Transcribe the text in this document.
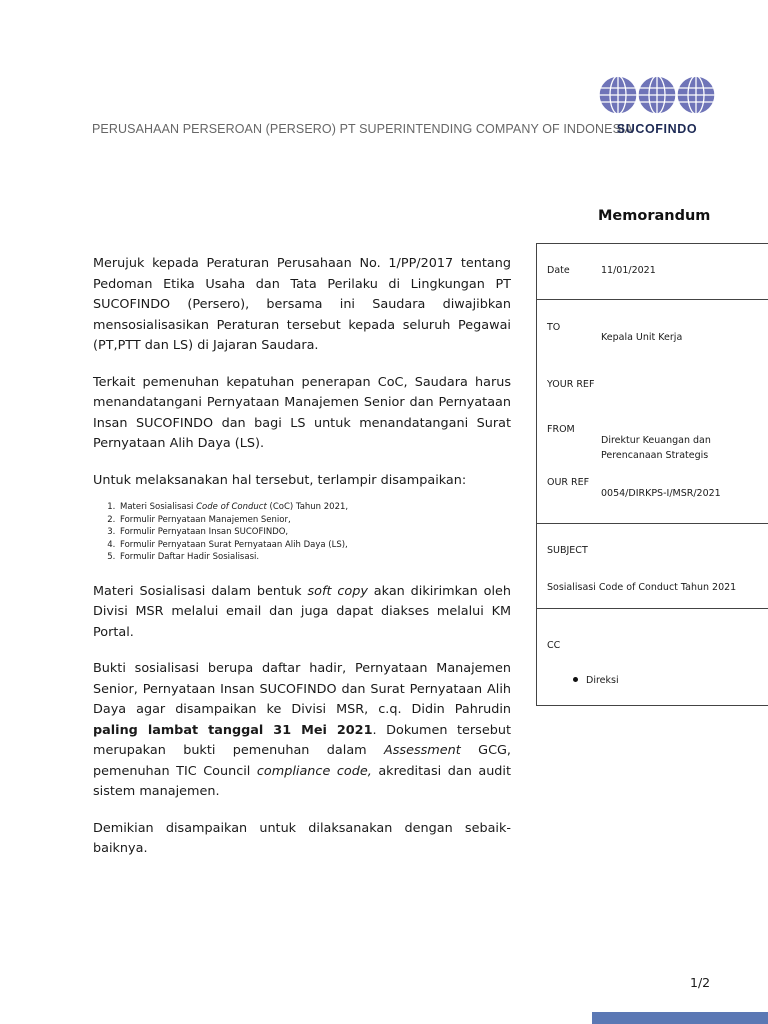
PERUSAHAAN PERSEROAN (PERSERO) PT SUPERINTENDING COMPANY OF INDONESIA
SUCOFINDO
Memorandum

Merujuk kepada Peraturan Perusahaan No. 1/PP/2017 tentang Pedoman Etika Usaha dan Tata Perilaku di Lingkungan PT SUCOFINDO (Persero), bersama ini Saudara diwajibkan mensosialisasikan Peraturan tersebut kepada seluruh Pegawai (PT,PTT dan LS) di Jajaran Saudara.

Terkait pemenuhan kepatuhan penerapan CoC, Saudara harus menandatangani Pernyataan Manajemen Senior dan Pernyataan Insan SUCOFINDO dan bagi LS untuk menandatangani Surat Pernyataan Alih Daya (LS).

Untuk melaksanakan hal tersebut, terlampir disampaikan:

1. Materi Sosialisasi Code of Conduct (CoC) Tahun 2021,
2. Formulir Pernyataan Manajemen Senior,
3. Formulir Pernyataan Insan SUCOFINDO,
4. Formulir Pernyataan Surat Pernyataan Alih Daya (LS),
5. Formulir Daftar Hadir Sosialisasi.

Materi Sosialisasi dalam bentuk soft copy akan dikirimkan oleh Divisi MSR melalui email dan juga dapat diakses melalui KM Portal.

Bukti sosialisasi berupa daftar hadir, Pernyataan Manajemen Senior, Pernyataan Insan SUCOFINDO dan Surat Pernyataan Alih Daya agar disampaikan ke Divisi MSR, c.q. Didin Pahrudin paling lambat tanggal 31 Mei 2021. Dokumen tersebut merupakan bukti pemenuhan dalam Assessment GCG, pemenuhan TIC Council compliance code, akreditasi dan audit sistem manajemen.

Demikian disampaikan untuk dilaksanakan dengan sebaik-baiknya.

Date	11/01/2021
TO
Kepala Unit Kerja
YOUR REF
FROM
Direktur Keuangan dan
Perencanaan Strategis
OUR REF
0054/DIRKPS-I/MSR/2021
SUBJECT
Sosialisasi Code of Conduct Tahun 2021
CC
Direksi
1/2
